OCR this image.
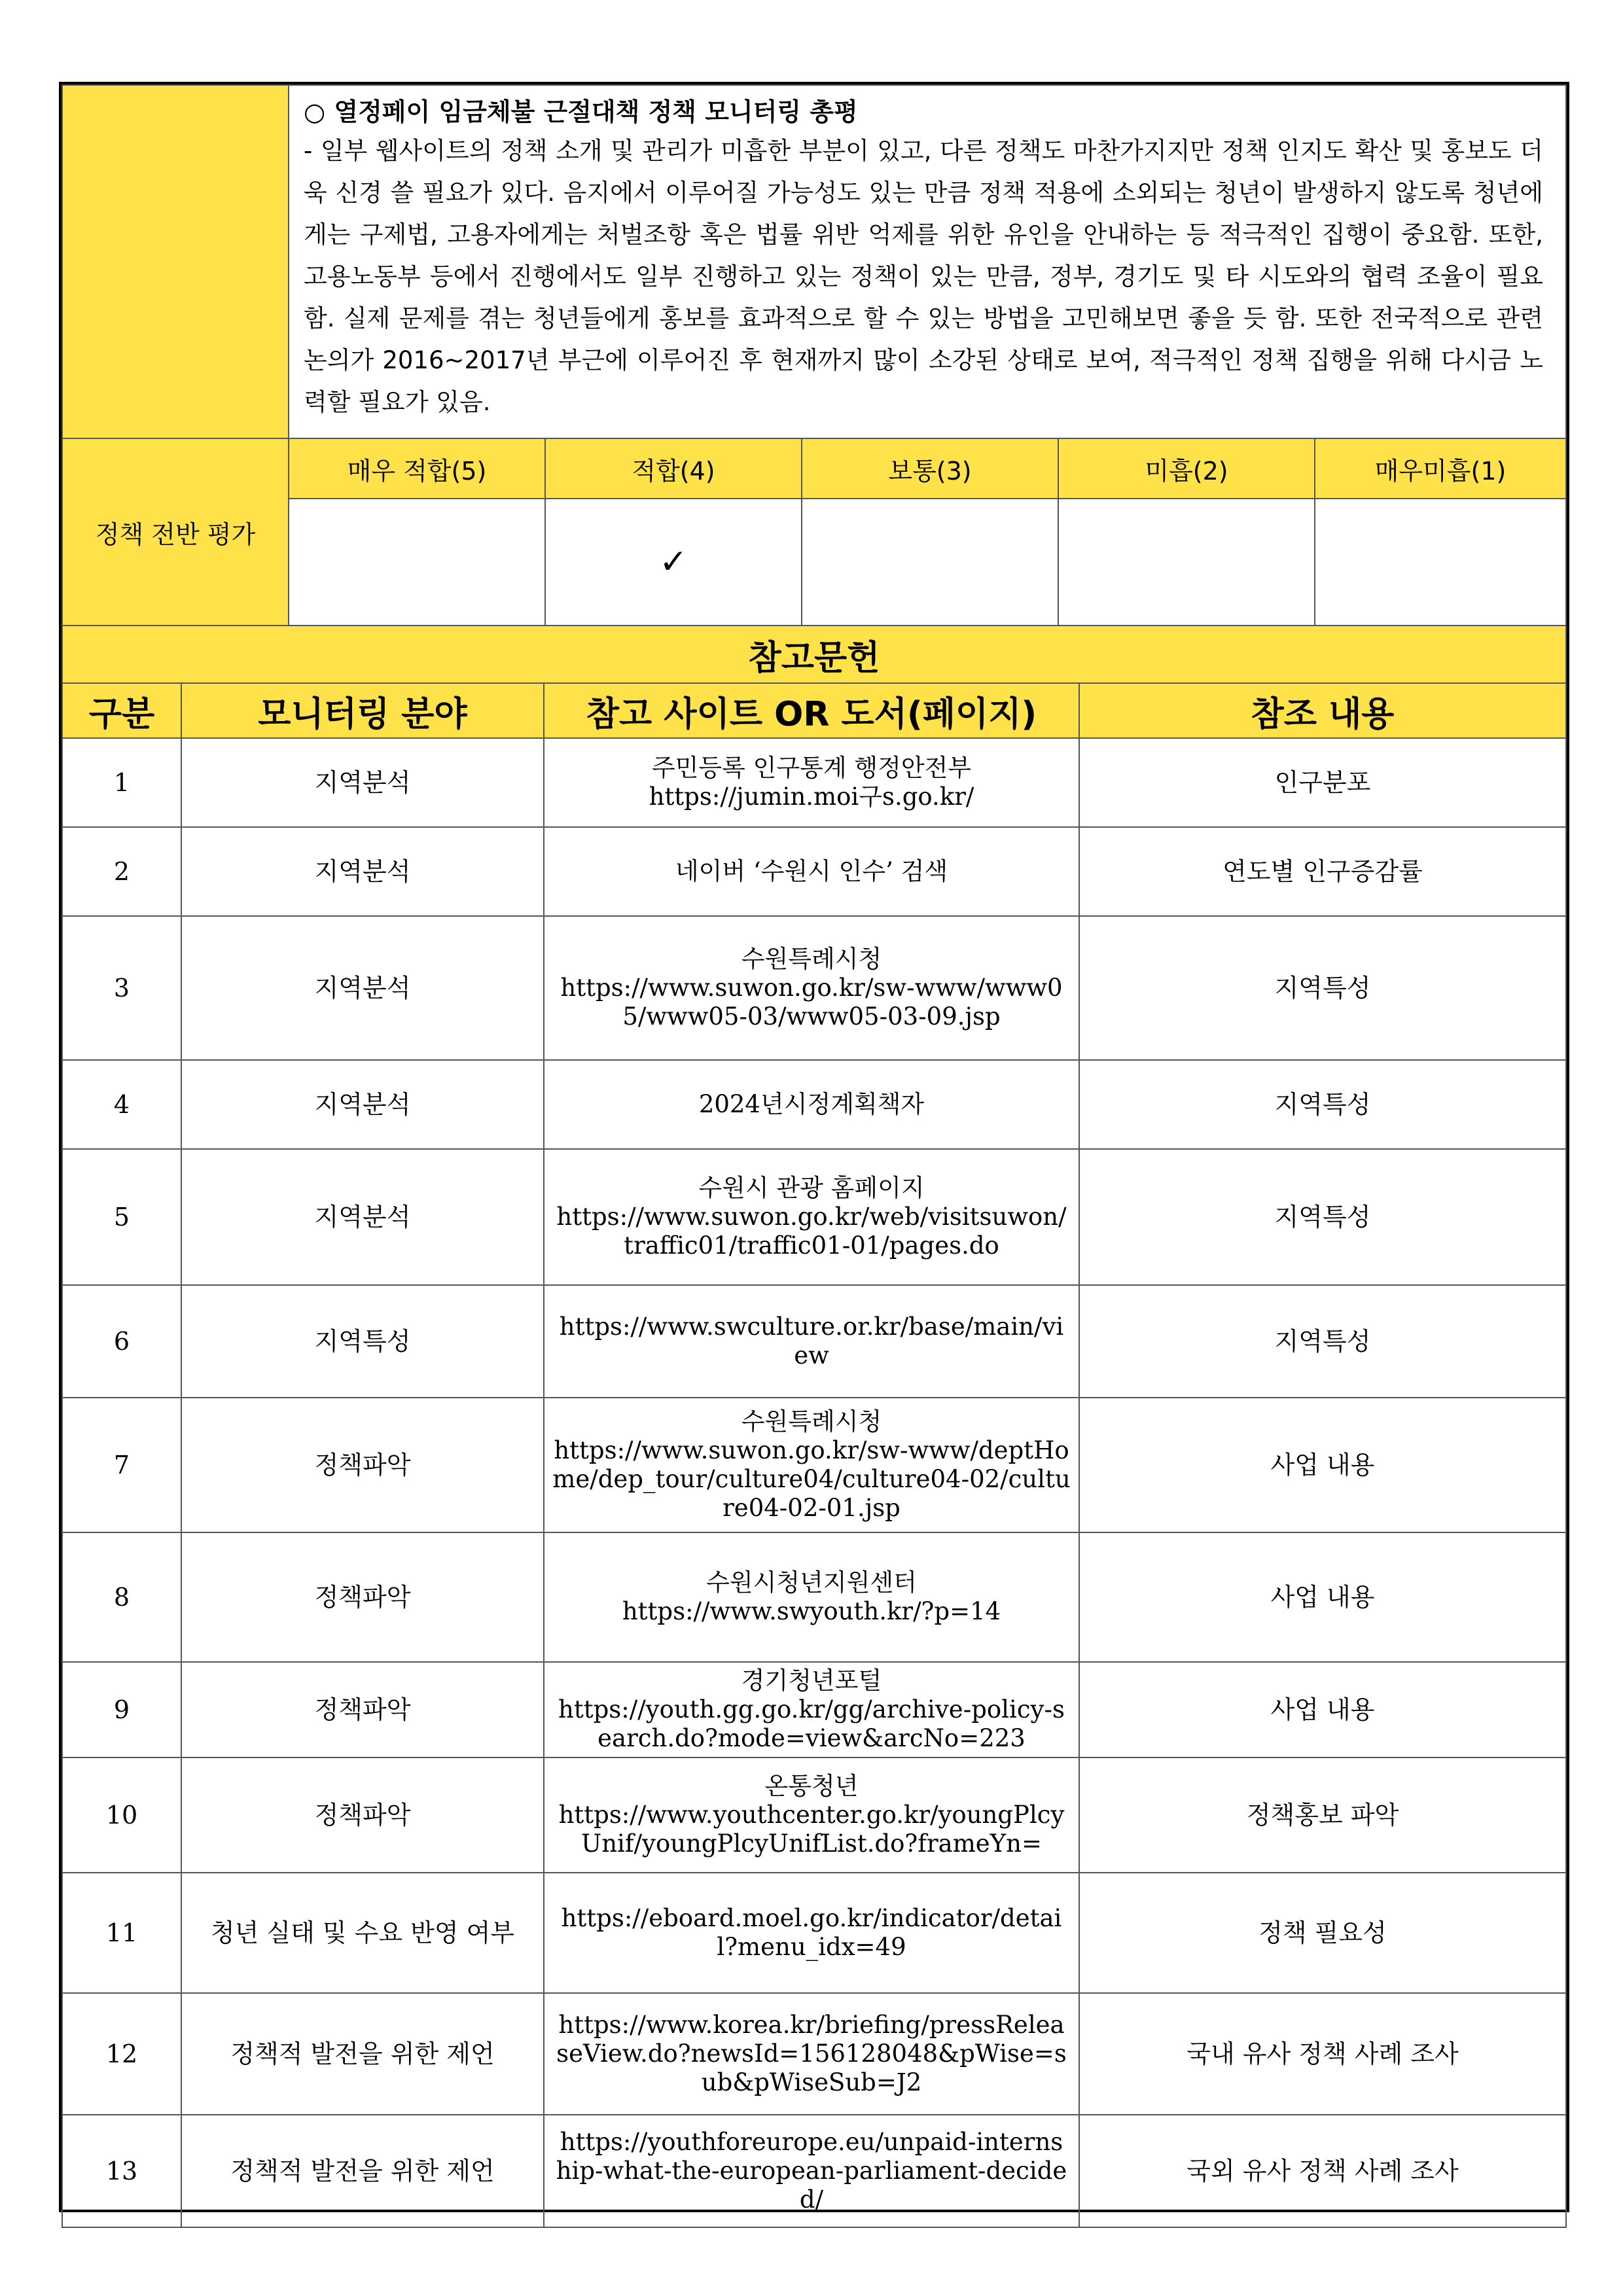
	○ 열정페이 임금체불 근절대책 정책 모니터링 총평
- 일부 웹사이트의 정책 소개 및 관리가 미흡한 부분이 있고, 다른 정책도 마찬가지지만 정책 인지도 확산 및 홍보도 더욱 신경 쓸 필요가 있다. 음지에서 이루어질 가능성도 있는 만큼 정책 적용에 소외되는 청년이 발생하지 않도록 청년에게는 구제법, 고용자에게는 처벌조항 혹은 법률 위반 억제를 위한 유인을 안내하는 등 적극적인 집행이 중요함. 또한, 고용노동부 등에서 진행에서도 일부 진행하고 있는 정책이 있는 만큼, 정부, 경기도 및 타 시도와의 협력 조율이 필요함. 실제 문제를 겪는 청년들에게 홍보를 효과적으로 할 수 있는 방법을 고민해보면 좋을 듯 함. 또한 전국적으로 관련 논의가 2016~2017년 부근에 이루어진 후 현재까지 많이 소강된 상태로 보여, 적극적인 정책 집행을 위해 다시금 노력할 필요가 있음.				

정책 전반 평가	매우 적합(5)	적합(4)	보통(3)	미흡(2)	매우미흡(1)
		✓			
참고문헌			
구분	모니터링 분야	참고 사이트 OR 도서(페이지)	참조 내용
1	지역분석	주민등록 인구통계 행정안전부
https://jumin.moi구s.go.kr/	인구분포
2	지역분석	네이버 ‘수원시 인수’ 검색	연도별 인구증감률
3	지역분석	수원특례시청
https://www.suwon.go.kr/sw-www/www05/www05-03/www05-03-09.jsp	지역특성
4	지역분석	2024년시정계획책자	지역특성
5	지역분석	수원시 관광 홈페이지
https://www.suwon.go.kr/web/visitsuwon/traffic01/traffic01-01/pages.do	지역특성
6	지역특성	https://www.swculture.or.kr/base/main/view	지역특성
7	정책파악	수원특례시청
https://www.suwon.go.kr/sw-www/deptHome/dep_tour/culture04/culture04-02/culture04-02-01.jsp	사업 내용
8	정책파악	수원시청년지원센터
https://www.swyouth.kr/?p=14	사업 내용
9	정책파악	경기청년포털
https://youth.gg.go.kr/gg/archive-policy-search.do?mode=view&arcNo=223	사업 내용
10	정책파악	온통청년
https://www.youthcenter.go.kr/youngPlcyUnif/youngPlcyUnifList.do?frameYn=	정책홍보 파악
11	청년 실태 및 수요 반영 여부	https://eboard.moel.go.kr/indicator/detail?menu_idx=49	정책 필요성
12	정책적 발전을 위한 제언	https://www.korea.kr/briefing/pressReleaseView.do?newsId=156128048&pWise=sub&pWiseSub=J2	국내 유사 정책 사례 조사
13	정책적 발전을 위한 제언	https://youthforeurope.eu/unpaid-internship-what-the-european-parliament-decided/	국외 유사 정책 사례 조사
